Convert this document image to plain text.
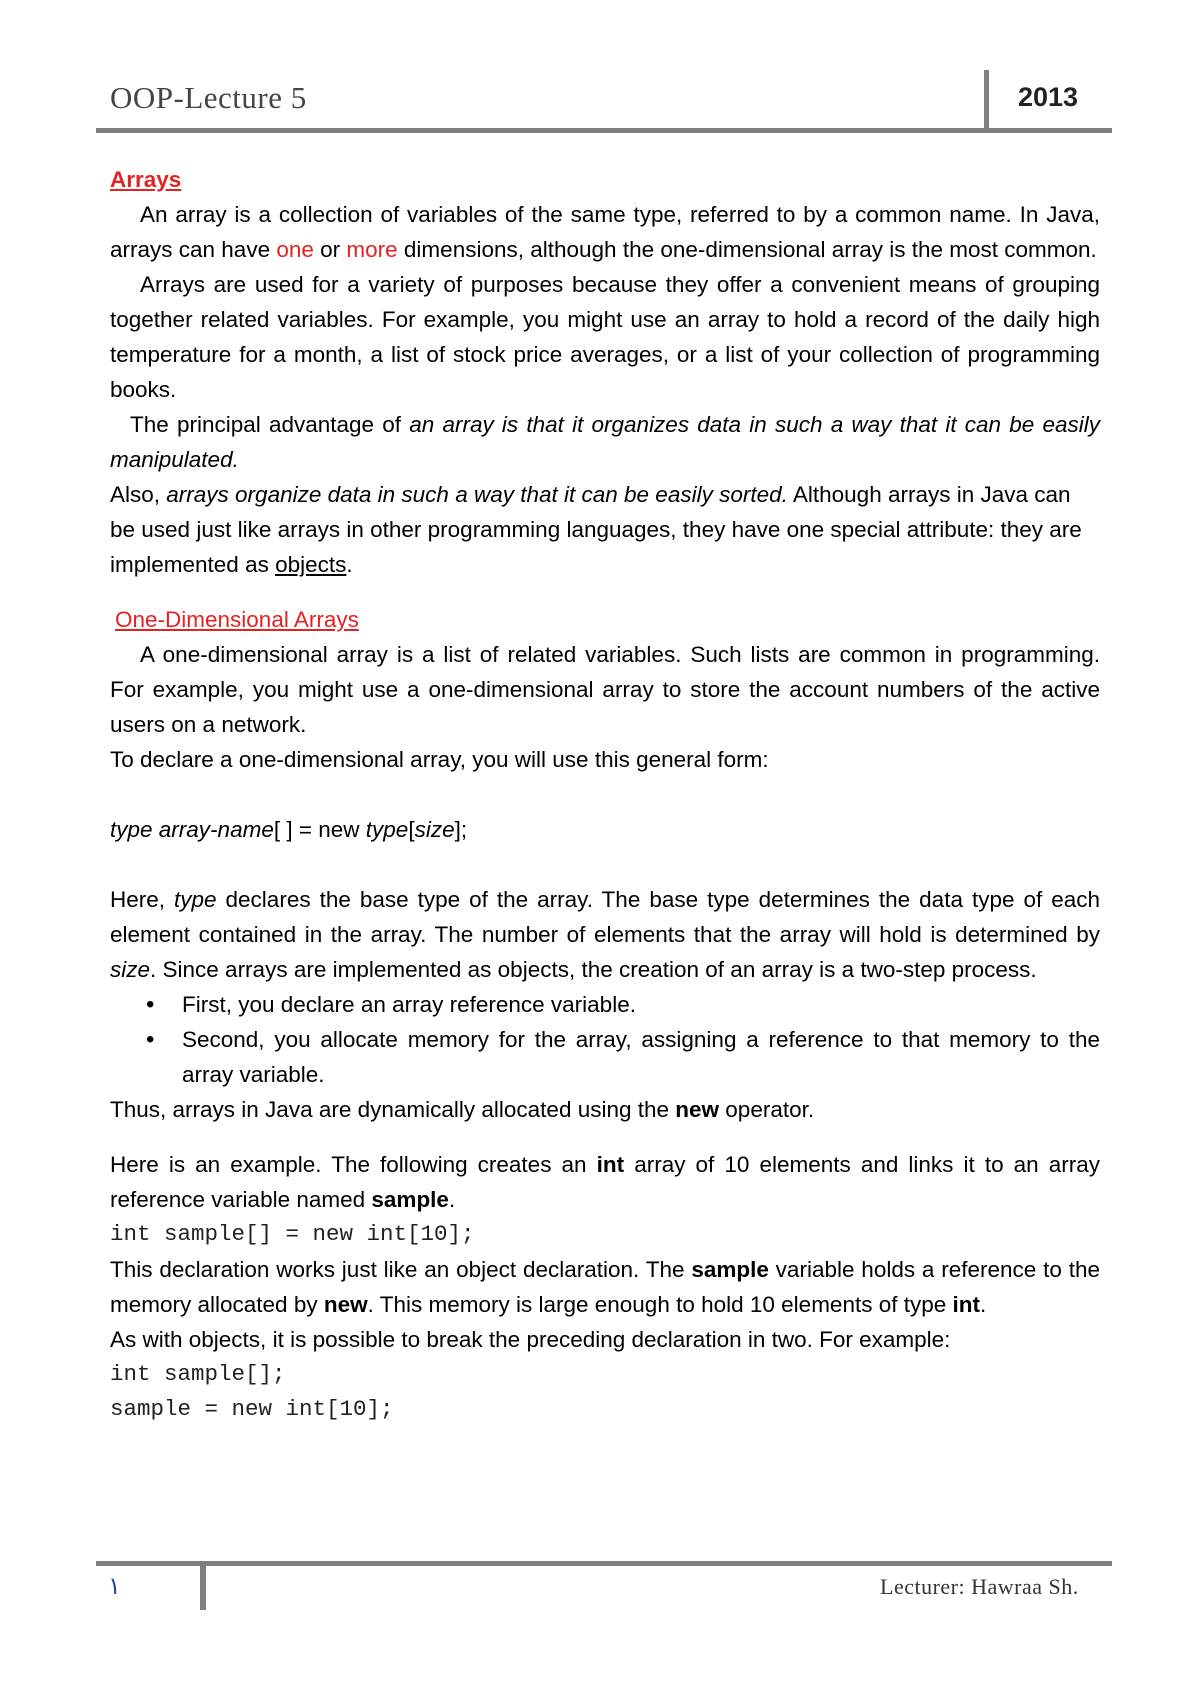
OOP-Lecture 5	2013

Arrays

An array is a collection of variables of the same type, referred to by a common name. In Java, arrays can have one or more dimensions, although the one-dimensional array is the most common.

Arrays are used for a variety of purposes because they offer a convenient means of grouping together related variables. For example, you might use an array to hold a record of the daily high temperature for a month, a list of stock price averages, or a list of your collection of programming books.

The principal advantage of an array is that it organizes data in such a way that it can be easily manipulated.

Also, arrays organize data in such a way that it can be easily sorted. Although arrays in Java can be used just like arrays in other programming languages, they have one special attribute: they are implemented as objects.

One-Dimensional Arrays

A one-dimensional array is a list of related variables. Such lists are common in programming. For example, you might use a one-dimensional array to store the account numbers of the active users on a network.

To declare a one-dimensional array, you will use this general form:

type array-name[ ] = new type[size];

Here, type declares the base type of the array. The base type determines the data type of each element contained in the array. The number of elements that the array will hold is determined by size. Since arrays are implemented as objects, the creation of an array is a two-step process.

• First, you declare an array reference variable.
• Second, you allocate memory for the array, assigning a reference to that memory to the array variable.

Thus, arrays in Java are dynamically allocated using the new operator.

Here is an example. The following creates an int array of 10 elements and links it to an array reference variable named sample.

int sample[] = new int[10];

This declaration works just like an object declaration. The sample variable holds a reference to the memory allocated by new. This memory is large enough to hold 10 elements of type int.

As with objects, it is possible to break the preceding declaration in two. For example:

int sample[];

sample = new int[10];

١	Lecturer: Hawraa Sh.
